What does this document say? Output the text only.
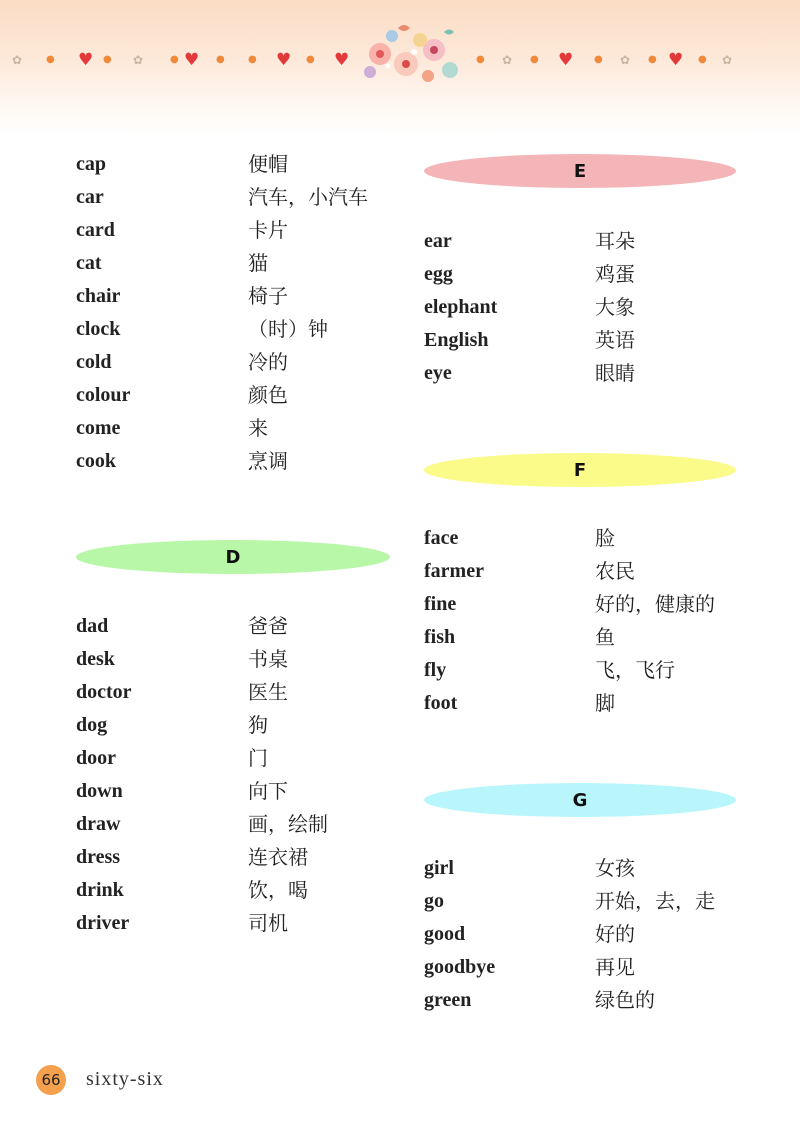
✿ ● ♥ ● ✿	● ♥ ● ● ♥ ● ♥	● ✿ ● ♥ ● ✿ ● ♥ ● ✿
cap	便帽
car	汽车，小汽车
card	卡片
cat	猫
chair	椅子
clock	（时）钟
cold	冷的
colour	颜色
come	来
cook	烹调
D
dad	爸爸
desk	书桌
doctor	医生
dog	狗
door	门
down	向下
draw	画，绘制
dress	连衣裙
drink	饮，喝
driver	司机
E
ear	耳朵
egg	鸡蛋
elephant	大象
English	英语
eye	眼睛
F
face	脸
farmer	农民
fine	好的，健康的
fish	鱼
fly	飞，飞行
foot	脚
G
girl	女孩
go	开始，去，走
good	好的
goodbye	再见
green	绿色的
66 sixty-six
